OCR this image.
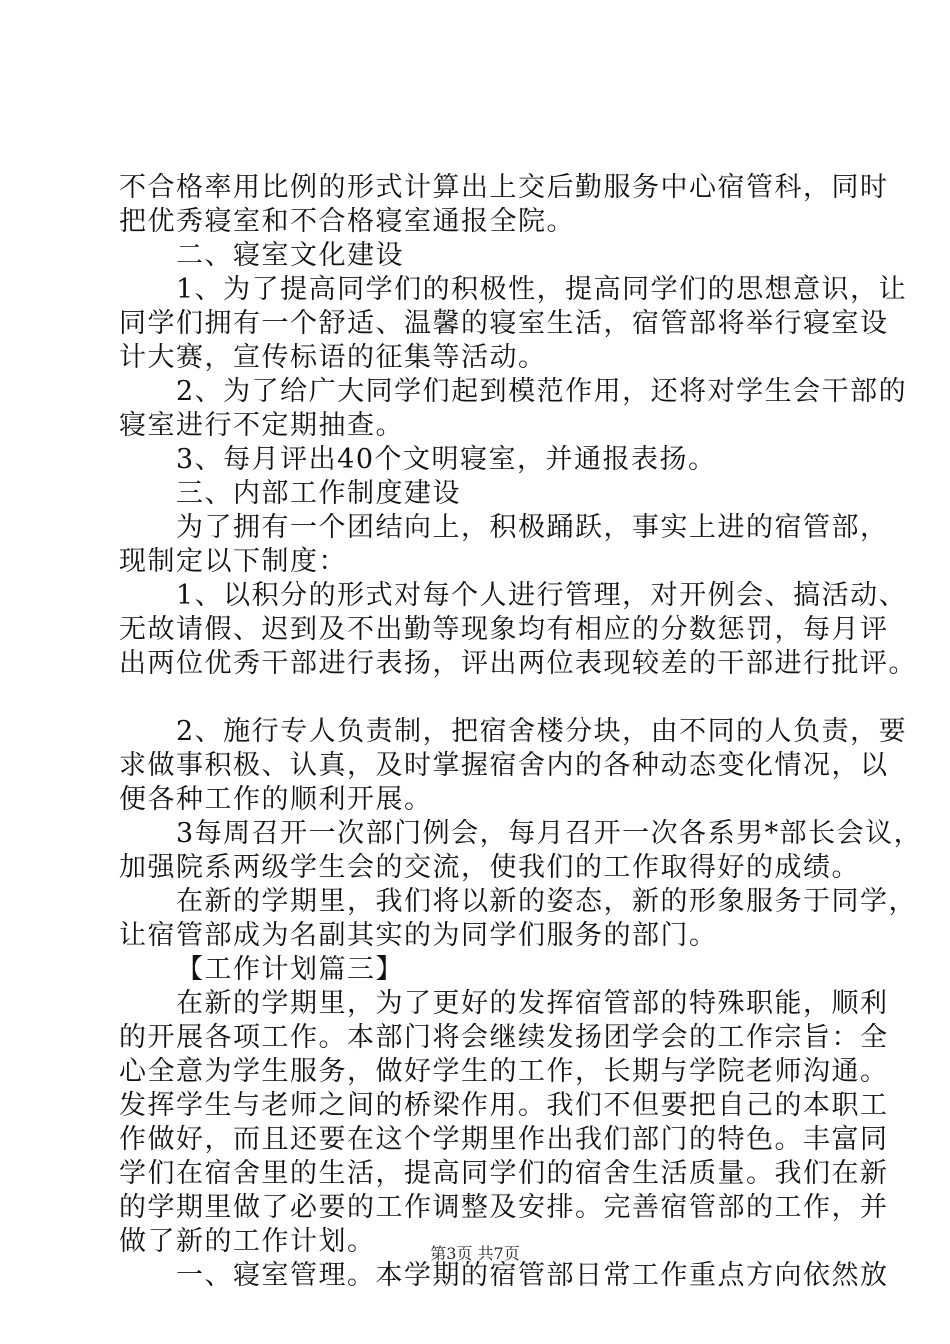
不合格率用比例的形式计算出上交后勤服务中心宿管科，同时
把优秀寝室和不合格寝室通报全院。
二、寝室文化建设
1、为了提高同学们的积极性，提高同学们的思想意识，让
同学们拥有一个舒适、温馨的寝室生活，宿管部将举行寝室设
计大赛，宣传标语的征集等活动。
2、为了给广大同学们起到模范作用，还将对学生会干部的
寝室进行不定期抽查。
3、每月评出40个文明寝室，并通报表扬。
三、内部工作制度建设
为了拥有一个团结向上，积极踊跃，事实上进的宿管部，
现制定以下制度：
1、以积分的形式对每个人进行管理，对开例会、搞活动、
无故请假、迟到及不出勤等现象均有相应的分数惩罚，每月评
出两位优秀干部进行表扬，评出两位表现较差的干部进行批评。
2、施行专人负责制，把宿舍楼分块，由不同的人负责，要
求做事积极、认真，及时掌握宿舍内的各种动态变化情况，以
便各种工作的顺利开展。
3每周召开一次部门例会，每月召开一次各系男*部长会议，
加强院系两级学生会的交流，使我们的工作取得好的成绩。
在新的学期里，我们将以新的姿态，新的形象服务于同学，
让宿管部成为名副其实的为同学们服务的部门。
【工作计划篇三】
在新的学期里，为了更好的发挥宿管部的特殊职能，顺利
的开展各项工作。本部门将会继续发扬团学会的工作宗旨：全
心全意为学生服务，做好学生的工作，长期与学院老师沟通。
发挥学生与老师之间的桥梁作用。我们不但要把自己的本职工
作做好，而且还要在这个学期里作出我们部门的特色。丰富同
学们在宿舍里的生活，提高同学们的宿舍生活质量。我们在新
的学期里做了必要的工作调整及安排。完善宿管部的工作，并
做了新的工作计划。
一、寝室管理。本学期的宿管部日常工作重点方向依然放
第3页 共7页
